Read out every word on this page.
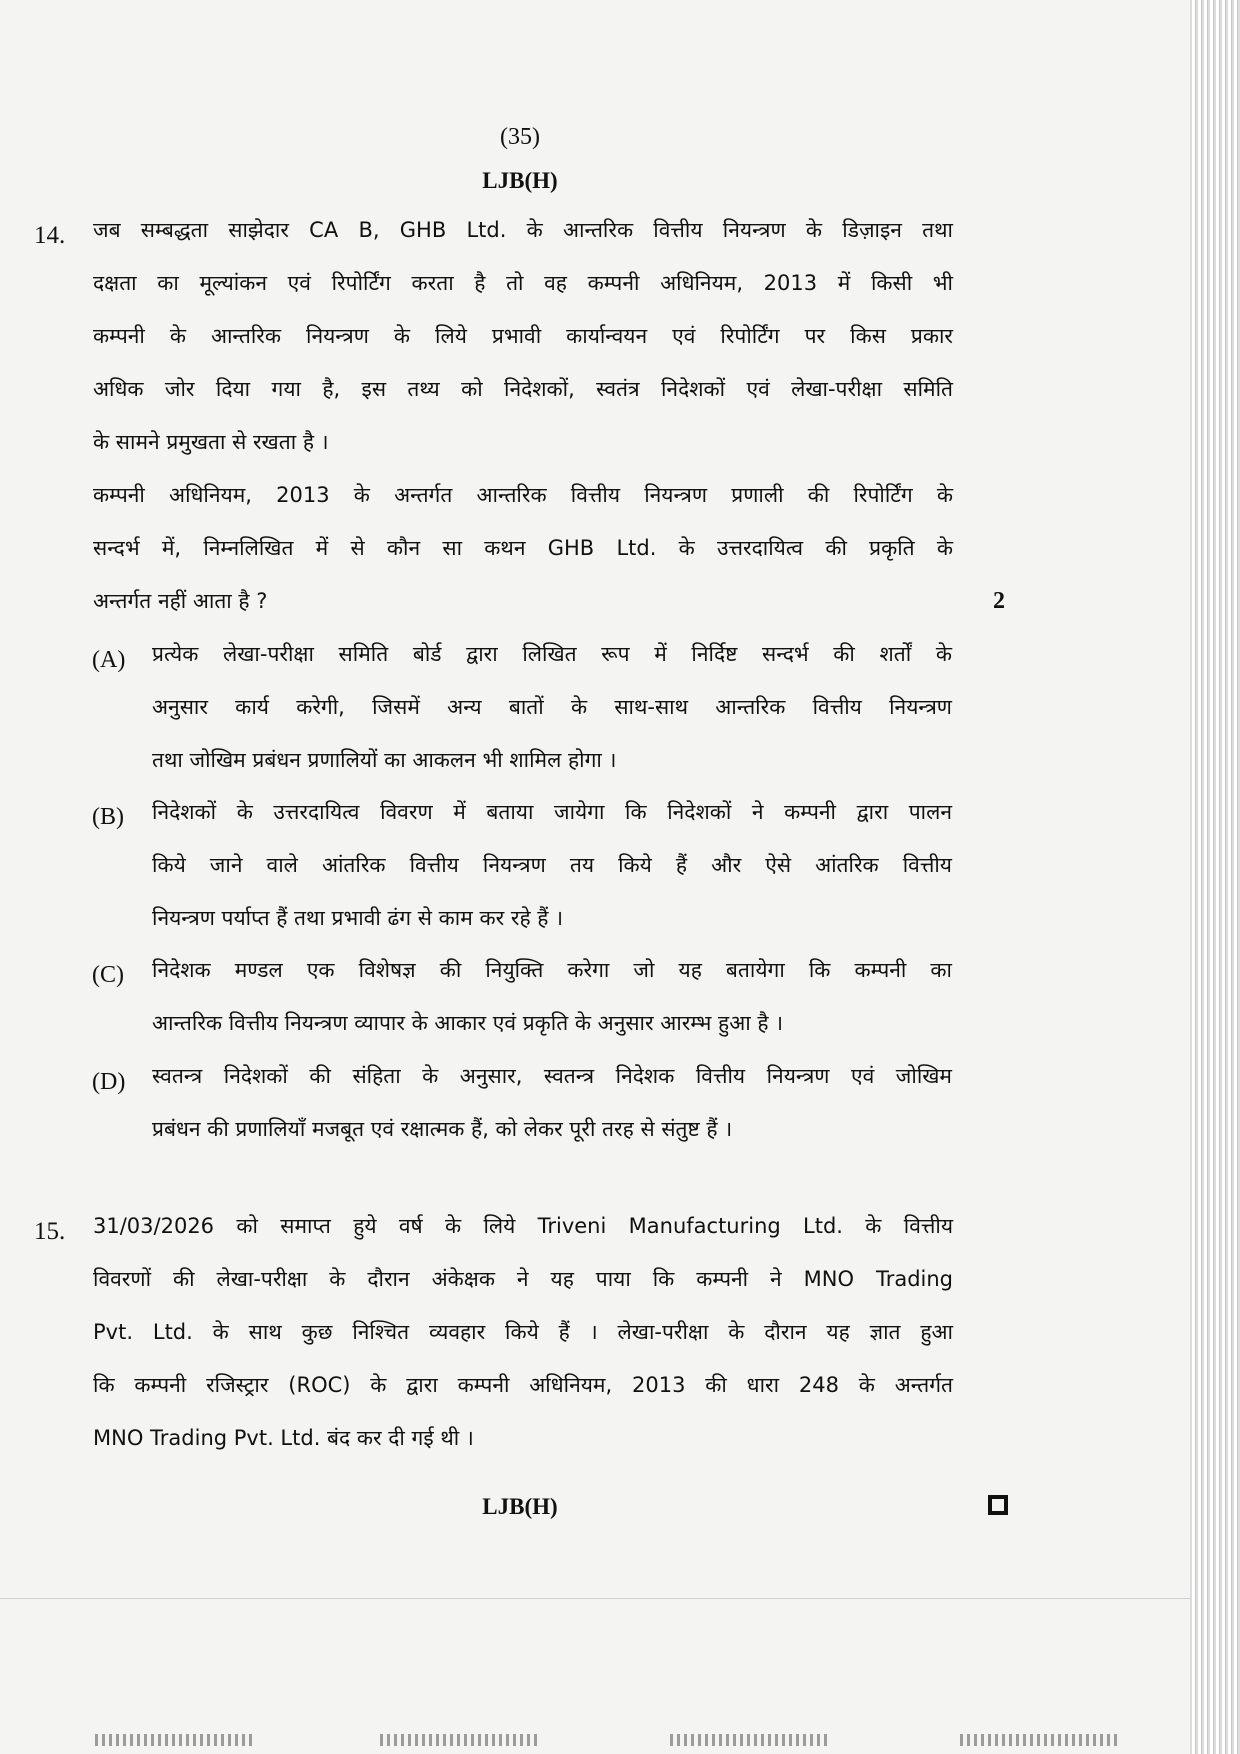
(35)
LJB(H)
14. जब सम्बद्धता साझेदार CA B, GHB Ltd. के आन्तरिक वित्तीय नियन्त्रण के डिज़ाइन तथा
दक्षता का मूल्यांकन एवं रिपोर्टिंग करता है तो वह कम्पनी अधिनियम, 2013 में किसी भी
कम्पनी के आन्तरिक नियन्त्रण के लिये प्रभावी कार्यान्वयन एवं रिपोर्टिंग पर किस प्रकार
अधिक जोर दिया गया है, इस तथ्य को निदेशकों, स्वतंत्र निदेशकों एवं लेखा-परीक्षा समिति
के सामने प्रमुखता से रखता है ।
कम्पनी अधिनियम, 2013 के अन्तर्गत आन्तरिक वित्तीय नियन्त्रण प्रणाली की रिपोर्टिंग के
सन्दर्भ में, निम्नलिखित में से कौन सा कथन GHB Ltd. के उत्तरदायित्व की प्रकृति के
अन्तर्गत नहीं आता है ?	2
(A) प्रत्येक लेखा-परीक्षा समिति बोर्ड द्वारा लिखित रूप में निर्दिष्ट सन्दर्भ की शर्तों के
अनुसार कार्य करेगी, जिसमें अन्य बातों के साथ-साथ आन्तरिक वित्तीय नियन्त्रण
तथा जोखिम प्रबंधन प्रणालियों का आकलन भी शामिल होगा ।
(B) निदेशकों के उत्तरदायित्व विवरण में बताया जायेगा कि निदेशकों ने कम्पनी द्वारा पालन
किये जाने वाले आंतरिक वित्तीय नियन्त्रण तय किये हैं और ऐसे आंतरिक वित्तीय
नियन्त्रण पर्याप्त हैं तथा प्रभावी ढंग से काम कर रहे हैं ।
(C) निदेशक मण्डल एक विशेषज्ञ की नियुक्ति करेगा जो यह बतायेगा कि कम्पनी का
आन्तरिक वित्तीय नियन्त्रण व्यापार के आकार एवं प्रकृति के अनुसार आरम्भ हुआ है ।
(D) स्वतन्त्र निदेशकों की संहिता के अनुसार, स्वतन्त्र निदेशक वित्तीय नियन्त्रण एवं जोखिम
प्रबंधन की प्रणालियाँ मजबूत एवं रक्षात्मक हैं, को लेकर पूरी तरह से संतुष्ट हैं ।
15. 31/03/2026 को समाप्त हुये वर्ष के लिये Triveni Manufacturing Ltd. के वित्तीय
विवरणों की लेखा-परीक्षा के दौरान अंकेक्षक ने यह पाया कि कम्पनी ने MNO Trading
Pvt. Ltd. के साथ कुछ निश्चित व्यवहार किये हैं । लेखा-परीक्षा के दौरान यह ज्ञात हुआ
कि कम्पनी रजिस्ट्रार (ROC) के द्वारा कम्पनी अधिनियम, 2013 की धारा 248 के अन्तर्गत
MNO Trading Pvt. Ltd. बंद कर दी गई थी ।
LJB(H)
